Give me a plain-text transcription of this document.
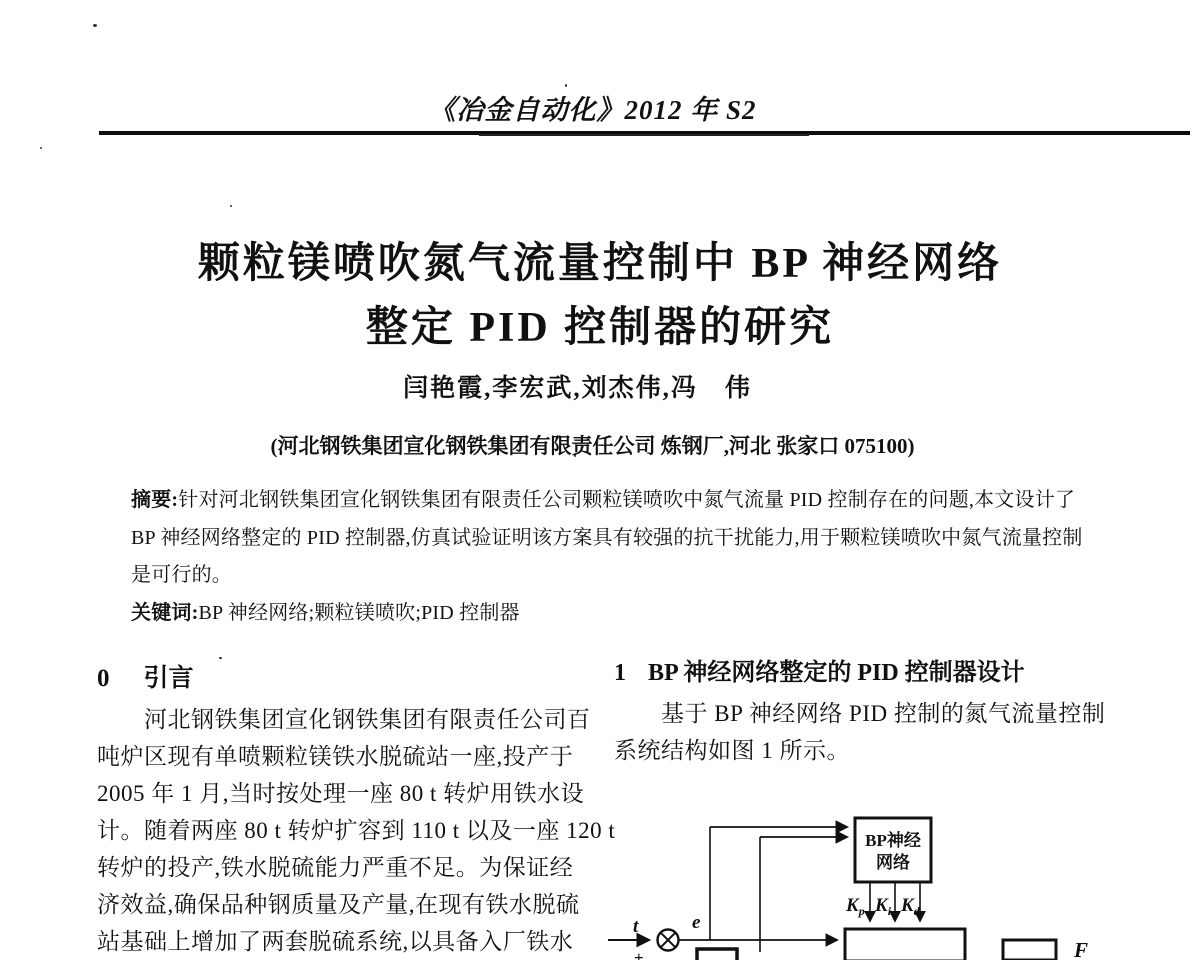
《冶金自动化》2012 年 S2
颗粒镁喷吹氮气流量控制中 BP 神经网络
整定 PID 控制器的研究
闫艳霞,李宏武,刘杰伟,冯　伟
(河北钢铁集团宣化钢铁集团有限责任公司 炼钢厂,河北 张家口 075100)
摘要:针对河北钢铁集团宣化钢铁集团有限责任公司颗粒镁喷吹中氮气流量 PID 控制存在的问题,本文设计了
BP 神经网络整定的 PID 控制器,仿真试验证明该方案具有较强的抗干扰能力,用于颗粒镁喷吹中氮气流量控制
是可行的。
关键词:BP 神经网络;颗粒镁喷吹;PID 控制器
0 引言
河北钢铁集团宣化钢铁集团有限责任公司百
吨炉区现有单喷颗粒镁铁水脱硫站一座,投产于
2005 年 1 月,当时按处理一座 80 t 转炉用铁水设
计。随着两座 80 t 转炉扩容到 110 t 以及一座 120 t
转炉的投产,铁水脱硫能力严重不足。为保证经
济效益,确保品种钢质量及产量,在现有铁水脱硫
站基础上增加了两套脱硫系统,以具备入厂铁水
1 BP 神经网络整定的 PID 控制器设计
基于 BP 神经网络 PID 控制的氮气流量控制
系统结构如图 1 所示。
t
+
e
BP神经
网络
$K_p$ $K_i$ $K_d$
F
